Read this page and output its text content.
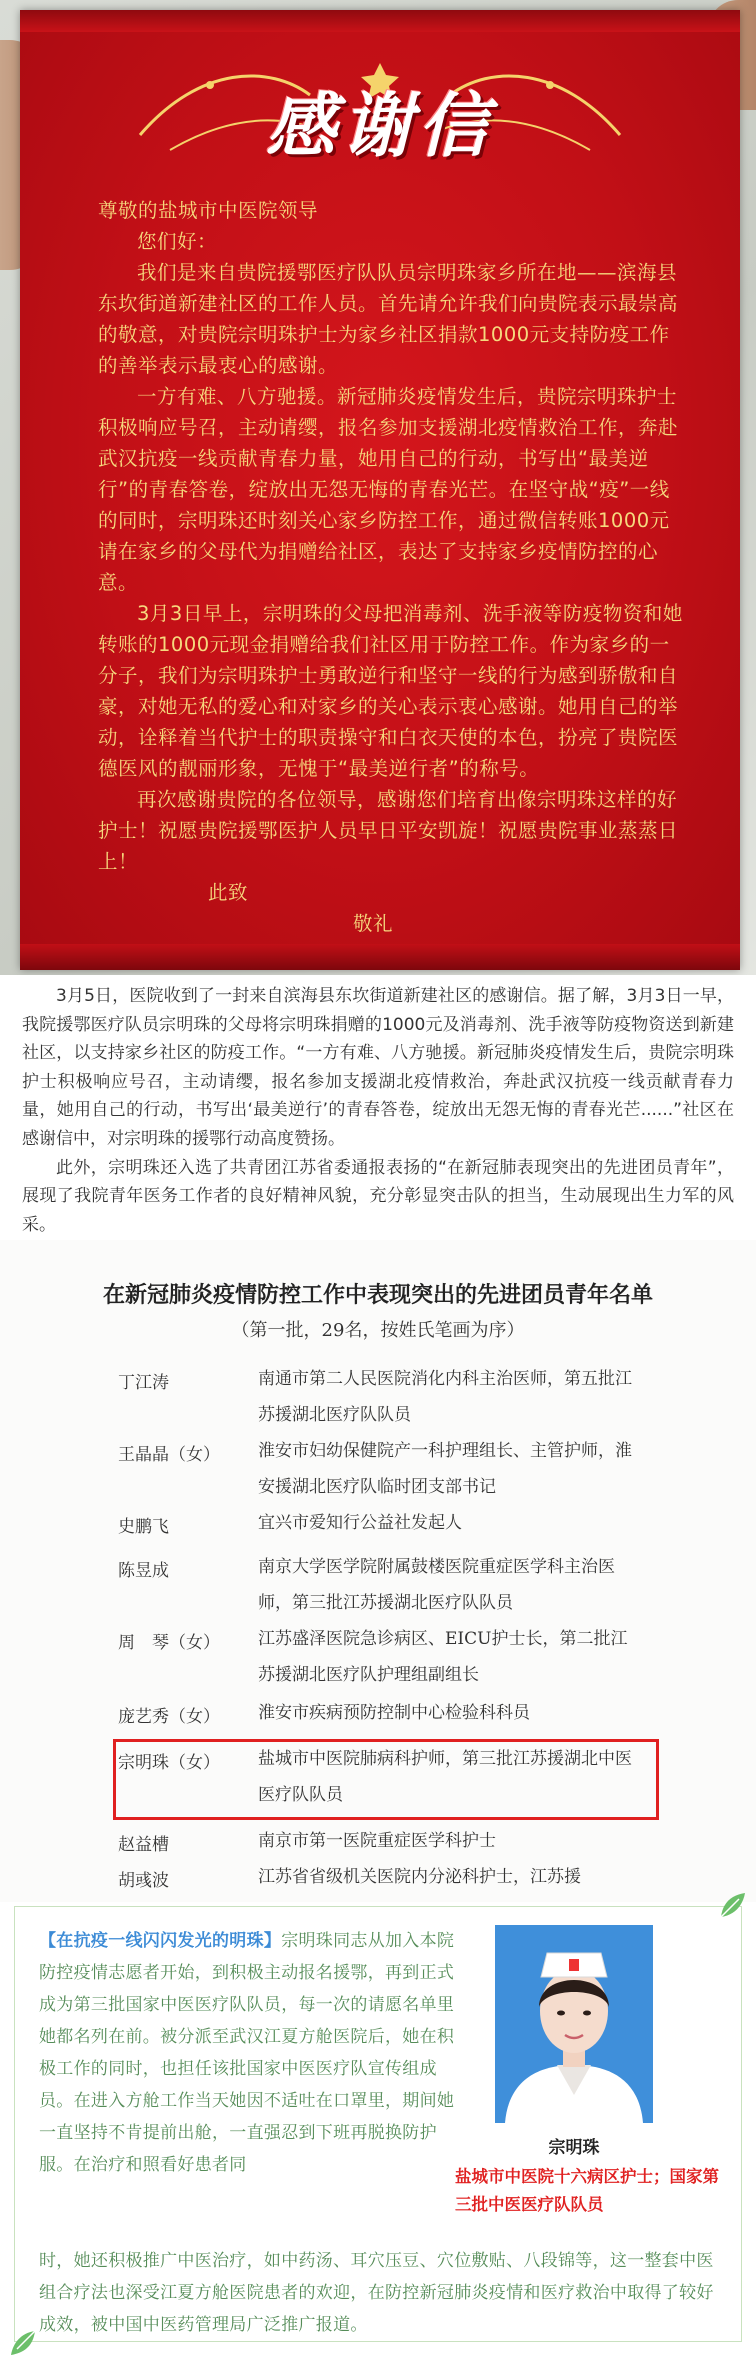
感谢信

尊敬的盐城市中医院领导

您们好：

我们是来自贵院援鄂医疗队队员宗明珠家乡所在地——滨海县东坎街道新建社区的工作人员。首先请允许我们向贵院表示最崇高的敬意，对贵院宗明珠护士为家乡社区捐款1000元支持防疫工作的善举表示最衷心的感谢。

一方有难、八方驰援。新冠肺炎疫情发生后，贵院宗明珠护士积极响应号召，主动请缨，报名参加支援湖北疫情救治工作，奔赴武汉抗疫一线贡献青春力量，她用自己的行动，书写出“最美逆行”的青春答卷，绽放出无怨无悔的青春光芒。在坚守战“疫”一线的同时，宗明珠还时刻关心家乡防控工作，通过微信转账1000元请在家乡的父母代为捐赠给社区，表达了支持家乡疫情防控的心意。

3月3日早上，宗明珠的父母把消毒剂、洗手液等防疫物资和她转账的1000元现金捐赠给我们社区用于防控工作。作为家乡的一分子，我们为宗明珠护士勇敢逆行和坚守一线的行为感到骄傲和自豪，对她无私的爱心和对家乡的关心表示衷心感谢。她用自己的举动，诠释着当代护士的职责操守和白衣天使的本色，扮亮了贵院医德医风的靓丽形象，无愧于“最美逆行者”的称号。

再次感谢贵院的各位领导，感谢您们培育出像宗明珠这样的好护士！祝愿贵院援鄂医护人员早日平安凯旋！祝愿贵院事业蒸蒸日上！

此致

敬礼

3月5日，医院收到了一封来自滨海县东坎街道新建社区的感谢信。据了解，3月3日一早，我院援鄂医疗队员宗明珠的父母将宗明珠捐赠的1000元及消毒剂、洗手液等防疫物资送到新建社区，以支持家乡社区的防疫工作。“一方有难、八方驰援。新冠肺炎疫情发生后，贵院宗明珠护士积极响应号召，主动请缨，报名参加支援湖北疫情救治，奔赴武汉抗疫一线贡献青春力量，她用自己的行动，书写出‘最美逆行’的青春答卷，绽放出无怨无悔的青春光芒......”社区在感谢信中，对宗明珠的援鄂行动高度赞扬。

此外，宗明珠还入选了共青团江苏省委通报表扬的“在新冠肺表现突出的先进团员青年”，展现了我院青年医务工作者的良好精神风貌，充分彰显突击队的担当，生动展现出生力军的风采。

在新冠肺炎疫情防控工作中表现突出的先进团员青年名单
（第一批，29名，按姓氏笔画为序）
丁江涛	南通市第二人民医院消化内科主治医师，第五批江苏援湖北医疗队队员
王晶晶（女） 淮安市妇幼保健院产一科护理组长、主管护师，淮安援湖北医疗队临时团支部书记
史鹏飞	宜兴市爱知行公益社发起人
陈昱成	南京大学医学院附属鼓楼医院重症医学科主治医师，第三批江苏援湖北医疗队队员
周　琴（女） 江苏盛泽医院急诊病区、EICU护士长，第二批江苏援湖北医疗队护理组副组长
庞艺秀（女） 淮安市疾病预防控制中心检验科科员
宗明珠（女） 盐城市中医院肺病科护师，第三批江苏援湖北中医医疗队队员
赵益槽	南京市第一医院重症医学科护士
胡彧波	江苏省省级机关医院内分泌科护士，江苏援
【在抗疫一线闪闪发光的明珠】宗明珠同志从加入本院防控疫情志愿者开始，到积极主动报名援鄂，再到正式成为第三批国家中医医疗队队员，每一次的请愿名单里她都名列在前。被分派至武汉江夏方舱医院后，她在积极工作的同时，也担任该批国家中医医疗队宣传组成员。在进入方舱工作当天她因不适吐在口罩里，期间她一直坚持不肯提前出舱，一直强忍到下班再脱换防护服。在治疗和照看好患者同
宗明珠
盐城市中医院十六病区护士；国家第三批中医医疗队队员
时，她还积极推广中医治疗，如中药汤、耳穴压豆、穴位敷贴、八段锦等，这一整套中医组合疗法也深受江夏方舱医院患者的欢迎，在防控新冠肺炎疫情和医疗救治中取得了较好成效，被中国中医药管理局广泛推广报道。
